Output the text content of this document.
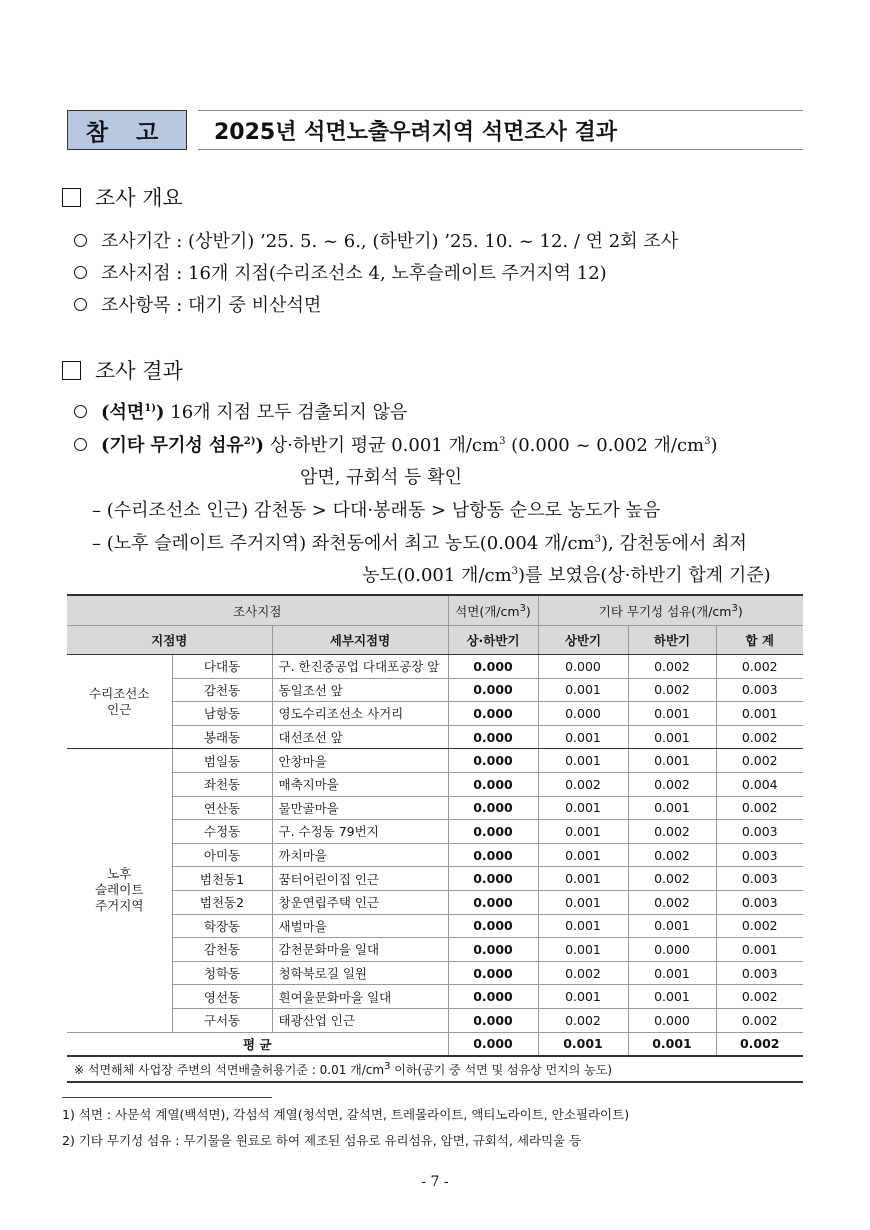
참 고	2025년 석면노출우려지역 석면조사 결과
조사 개요
조사기간 : (상반기) ’25. 5. ~ 6., (하반기) ’25. 10. ~ 12. / 연 2회 조사
조사지점 : 16개 지점(수리조선소 4, 노후슬레이트 주거지역 12)
조사항목 : 대기 중 비산석면
조사 결과
(석면$^{1)}$) 16개 지점 모두 검출되지 않음
(기타 무기성 섬유$^{2)}$) 상·하반기 평균 0.001 개$/cm^3$ (0.000 ~ 0.002 개$/cm^3$)
암면, 규회석 등 확인
– (수리조선소 인근) 감천동 > 다대·봉래동 > 남항동 순으로 농도가 높음
– (노후 슬레이트 주거지역) 좌천동에서 최고 농도(0.004 개$/cm^3$), 감천동에서 최저
농도(0.001 개$/cm^3$)를 보였음(상·하반기 합계 기준)
조사지점			석면(개$/cm^3$)	기타 무기성 섬유(개$/cm^3$)		
지점명		세부지점명	상·하반기	상반기	하반기	합 계
수리조선소
인근	다대동	구. 한진중공업 다대포공장 앞	0.000	0.000	0.002	0.002
	감천동	동일조선 앞	0.000	0.001	0.002	0.003
	남항동	영도수리조선소 사거리	0.000	0.000	0.001	0.001
	봉래동	대선조선 앞	0.000	0.001	0.001	0.002
노후
슬레이트
주거지역	범일동	안창마을	0.000	0.001	0.001	0.002
	좌천동	매축지마을	0.000	0.002	0.002	0.004
	연산동	물만골마을	0.000	0.001	0.001	0.002
	수정동	구. 수정동 79번지	0.000	0.001	0.002	0.003
	아미동	까치마을	0.000	0.001	0.002	0.003
	범천동1	꿈터어린이집 인근	0.000	0.001	0.002	0.003
	범천동2	창운연립주택 인근	0.000	0.001	0.002	0.003
	학장동	새벌마을	0.000	0.001	0.001	0.002
	감천동	감천문화마을 일대	0.000	0.001	0.000	0.001
	청학동	청학북로길 일원	0.000	0.002	0.001	0.003
	영선동	흰여울문화마을 일대	0.000	0.001	0.001	0.002
	구서동	태광산업 인근	0.000	0.002	0.000	0.002
평 균			0.000	0.001	0.001	0.002
※ 석면해체 사업장 주변의 석면배출허용기준 : 0.01 개$/cm^3$ 이하(공기 중 석면 및 섬유상 먼지의 농도)
1) 석면 : 사문석 계열(백석면), 각섬석 계열(청석면, 갈석면, 트레몰라이트, 액티노라이트, 안소필라이트)
2) 기타 무기성 섬유 : 무기물을 원료로 하여 제조된 섬유로 유리섬유, 암면, 규회석, 세라믹울 등
- 7 -
